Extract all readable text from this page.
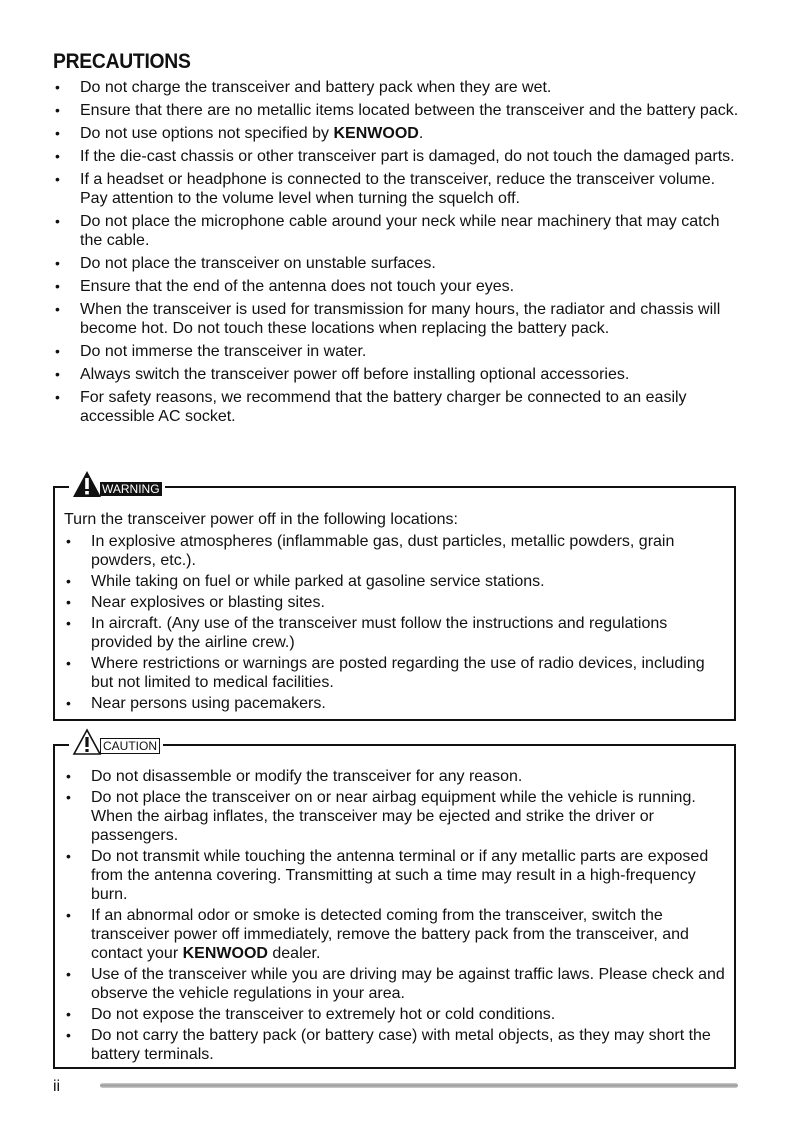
PRECAUTIONS
• Do not charge the transceiver and battery pack when they are wet.
• Ensure that there are no metallic items located between the transceiver and the battery pack.
• Do not use options not specified by KENWOOD.
• If the die-cast chassis or other transceiver part is damaged, do not touch the damaged parts.
• If a headset or headphone is connected to the transceiver, reduce the transceiver volume. Pay attention to the volume level when turning the squelch off.
• Do not place the microphone cable around your neck while near machinery that may catch the cable.
• Do not place the transceiver on unstable surfaces.
• Ensure that the end of the antenna does not touch your eyes.
• When the transceiver is used for transmission for many hours, the radiator and chassis will become hot. Do not touch these locations when replacing the battery pack.
• Do not immerse the transceiver in water.
• Always switch the transceiver power off before installing optional accessories.
• For safety reasons, we recommend that the battery charger be connected to an easily accessible AC socket.
WARNING

Turn the transceiver power off in the following locations:

• In explosive atmospheres (inflammable gas, dust particles, metallic powders, grain powders, etc.).
• While taking on fuel or while parked at gasoline service stations.
• Near explosives or blasting sites.
• In aircraft. (Any use of the transceiver must follow the instructions and regulations provided by the airline crew.)
• Where restrictions or warnings are posted regarding the use of radio devices, including but not limited to medical facilities.
• Near persons using pacemakers.
CAUTION
• Do not disassemble or modify the transceiver for any reason.
• Do not place the transceiver on or near airbag equipment while the vehicle is running. When the airbag inflates, the transceiver may be ejected and strike the driver or passengers.
• Do not transmit while touching the antenna terminal or if any metallic parts are exposed from the antenna covering. Transmitting at such a time may result in a high-frequency burn.
• If an abnormal odor or smoke is detected coming from the transceiver, switch the transceiver power off immediately, remove the battery pack from the transceiver, and contact your KENWOOD dealer.
• Use of the transceiver while you are driving may be against traffic laws. Please check and observe the vehicle regulations in your area.
• Do not expose the transceiver to extremely hot or cold conditions.
• Do not carry the battery pack (or battery case) with metal objects, as they may short the battery terminals.
ii
